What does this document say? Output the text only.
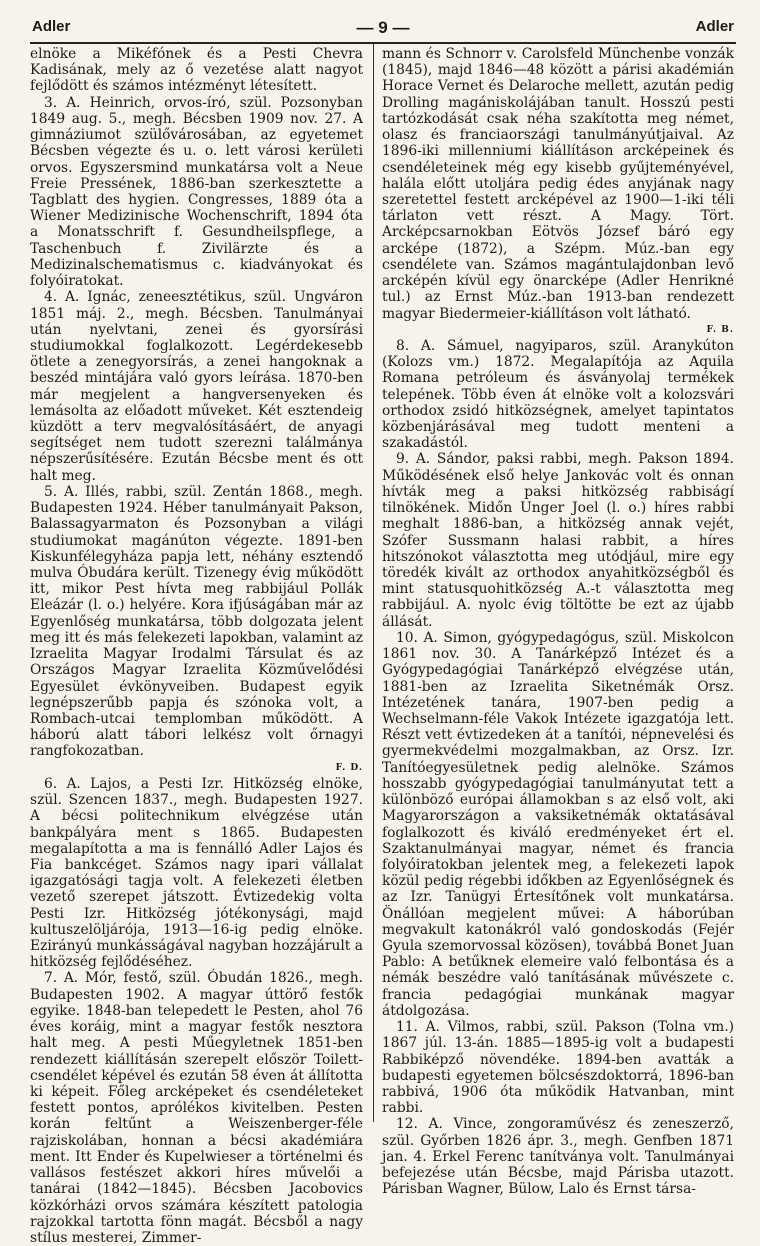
Adler	— 9 —	Adler

elnöke a Mikéfónek és a Pesti Chevra Kadisának, mely az ő vezetése alatt nagyot fejlődött és számos intézményt létesített.

3. A. Heinrich, orvos-író, szül. Pozsonyban 1849 aug. 5., megh. Bécsben 1909 nov. 27. A gimnáziumot szülővárosában, az egyetemet Bécsben végezte és u. o. lett városi kerületi orvos. Egyszersmind munkatársa volt a Neue Freie Pressének, 1886-ban szerkesztette a Tagblatt des hygien. Congresses, 1889 óta a Wiener Medizinische Wochenschrift, 1894 óta a Monatsschrift f. Gesundheilspflege, a Taschenbuch f. Zivilärzte és a Medizinalschematismus c. kiadványokat és folyóiratokat.

4. A. Ignác, zeneesztétikus, szül. Ungváron 1851 máj. 2., megh. Bécsben. Tanulmányai után nyelvtani, zenei és gyorsírási studiumokkal foglalkozott. Legérdekesebb ötlete a zenegyorsírás, a zenei hangoknak a beszéd mintájára való gyors leírása. 1870-ben már megjelent a hangversenyeken és lemásolta az előadott műveket. Két esztendeig küzdött a terv megvalósításáért, de anyagi segítséget nem tudott szerezni találmánya népszerűsítésére. Ezután Bécsbe ment és ott halt meg.

5. A. Illés, rabbi, szül. Zentán 1868., megh. Budapesten 1924. Héber tanulmányait Pakson, Balassagyarmaton és Pozsonyban a világi studiumokat magánúton végezte. 1891-ben Kiskunfélegyháza papja lett, néhány esztendő mulva Óbudára került. Tizenegy évig működött itt, mikor Pest hívta meg rabbijául Pollák Eleázár (l. o.) helyére. Kora ifjúságában már az Egyenlőség munkatársa, több dolgozata jelent meg itt és más felekezeti lapokban, valamint az Izraelita Magyar Irodalmi Társulat és az Országos Magyar Izraelita Közművelődési Egyesület évkönyveiben. Budapest egyik legnépszerűbb papja és szónoka volt, a Rombach-utcai templomban működött. A háború alatt tábori lelkész volt őrnagyi rangfokozatban.

F. D.

6. A. Lajos, a Pesti Izr. Hitközség elnöke, szül. Szencen 1837., megh. Budapesten 1927. A bécsi politechnikum elvégzése után bankpályára ment s 1865. Budapesten megalapította a ma is fennálló Adler Lajos és Fia bankcéget. Számos nagy ipari vállalat igazgatósági tagja volt. A felekezeti életben vezető szerepet játszott. Évtizedekig volta Pesti Izr. Hitközség jótékonysági, majd kultuszelöljárója, 1913—16-ig pedig elnöke. Ezirányú munkásságával nagyban hozzájárult a hitközség fejlődéséhez.

7. A. Mór, festő, szül. Óbudán 1826., megh. Budapesten 1902. A magyar úttörő festők egyike. 1848-ban telepedett le Pesten, ahol 76 éves koráig, mint a magyar festők nesztora halt meg. A pesti Műegyletnek 1851-ben rendezett kiállításán szerepelt először Toilett-csendélet képével és ezután 58 éven át állította ki képeit. Főleg arcképeket és csendéleteket festett pontos, aprólékos kivitelben. Pesten korán feltűnt a Weiszenberger-féle rajziskolában, honnan a bécsi akadémiára ment. Itt Ender és Kupelwieser a történelmi és vallásos festészet akkori híres művelői a tanárai (1842—1845). Bécsben Jacobovics közkórházi orvos számára készített patologia rajzokkal tartotta fönn magát. Bécsből a nagy stílus mesterei, Zimmer-

mann és Schnorr v. Carolsfeld Münchenbe vonzák (1845), majd 1846—48 között a párisi akadémián Horace Vernet és Delaroche mellett, azután pedig Drolling magániskolájában tanult. Hosszú pesti tartózkodását csak néha szakította meg német, olasz és franciaországi tanulmányútjaival. Az 1896-iki millenniumi kiállításon arcképeinek és csendéleteinek még egy kisebb gyűjteményével, halála előtt utoljára pedig édes anyjának nagy szeretettel festett arcképével az 1900—1-iki téli tárlaton vett részt. A Magy. Tört. Arcképcsarnokban Eötvös József báró egy arcképe (1872), a Szépm. Múz.-ban egy csendélete van. Számos magántulajdonban levő arcképén kívül egy önarcképe (Adler Henrikné tul.) az Ernst Múz.-ban 1913-ban rendezett magyar Biedermeier-kiállításon volt látható.

F. B.

8. A. Sámuel, nagyiparos, szül. Aranykúton (Kolozs vm.) 1872. Megalapítója az Aquila Romana petróleum és ásványolaj termékek telepének. Több éven át elnöke volt a kolozsvári orthodox zsidó hitközségnek, amelyet tapintatos közbenjárásával meg tudott menteni a szakadástól.

9. A. Sándor, paksi rabbi, megh. Pakson 1894. Működésének első helye Jankovác volt és onnan hívták meg a paksi hitközség rabbiságí tilnökének. Midőn Unger Joel (l. o.) híres rabbi meghalt 1886-ban, a hitközség annak vejét, Szófer Sussmann halasi rabbit, a híres hitszónokot választotta meg utódjául, mire egy töredék kivált az orthodox anyahitközségből és mint statusquohitközség A.-t választotta meg rabbijául. A. nyolc évig töltötte be ezt az újabb állását.

10. A. Simon, gyógypedagógus, szül. Miskolcon 1861 nov. 30. A Tanárképző Intézet és a Gyógypedagógiai Tanárképző elvégzése után, 1881-ben az Izraelita Siketnémák Orsz. Intézetének tanára, 1907-ben pedig a Wechselmann-féle Vakok Intézete igazgatója lett. Részt vett évtizedeken át a tanítói, népnevelési és gyermekvédelmi mozgalmakban, az Orsz. Izr. Tanítóegyesületnek pedig alelnöke. Számos hosszabb gyógypedagógiai tanulmányutat tett a különböző európai államokban s az első volt, aki Magyarországon a vaksiketnémák oktatásával foglalkozott és kiváló eredményeket ért el. Szaktanulmányai magyar, német és francia folyóiratokban jelentek meg, a felekezeti lapok közül pedig régebbi időkben az Egyenlőségnek és az Izr. Tanügyi Értesítőnek volt munkatársa. Önállóan megjelent művei: A háborúban megvakult katonákról való gondoskodás (Fejér Gyula szemorvossal közösen), továbbá Bonet Juan Pablo: A betűknek elemeire való felbontása és a némák beszédre való tanításának művészete c. francia pedagógiai munkának magyar átdolgozása.

11. A. Vilmos, rabbi, szül. Pakson (Tolna vm.) 1867 júl. 13-án. 1885—1895-ig volt a budapesti Rabbiképző növendéke. 1894-ben avatták a budapesti egyetemen bölcsészdoktorrá, 1896-ban rabbivá, 1906 óta működik Hatvanban, mint rabbi.

12. A. Vince, zongoraművész és zeneszerző, szül. Győrben 1826 ápr. 3., megh. Genfben 1871 jan. 4. Erkel Ferenc tanítványa volt. Tanulmányai befejezése után Bécsbe, majd Párisba utazott. Párisban Wagner, Bülow, Lalo és Ernst társa-
